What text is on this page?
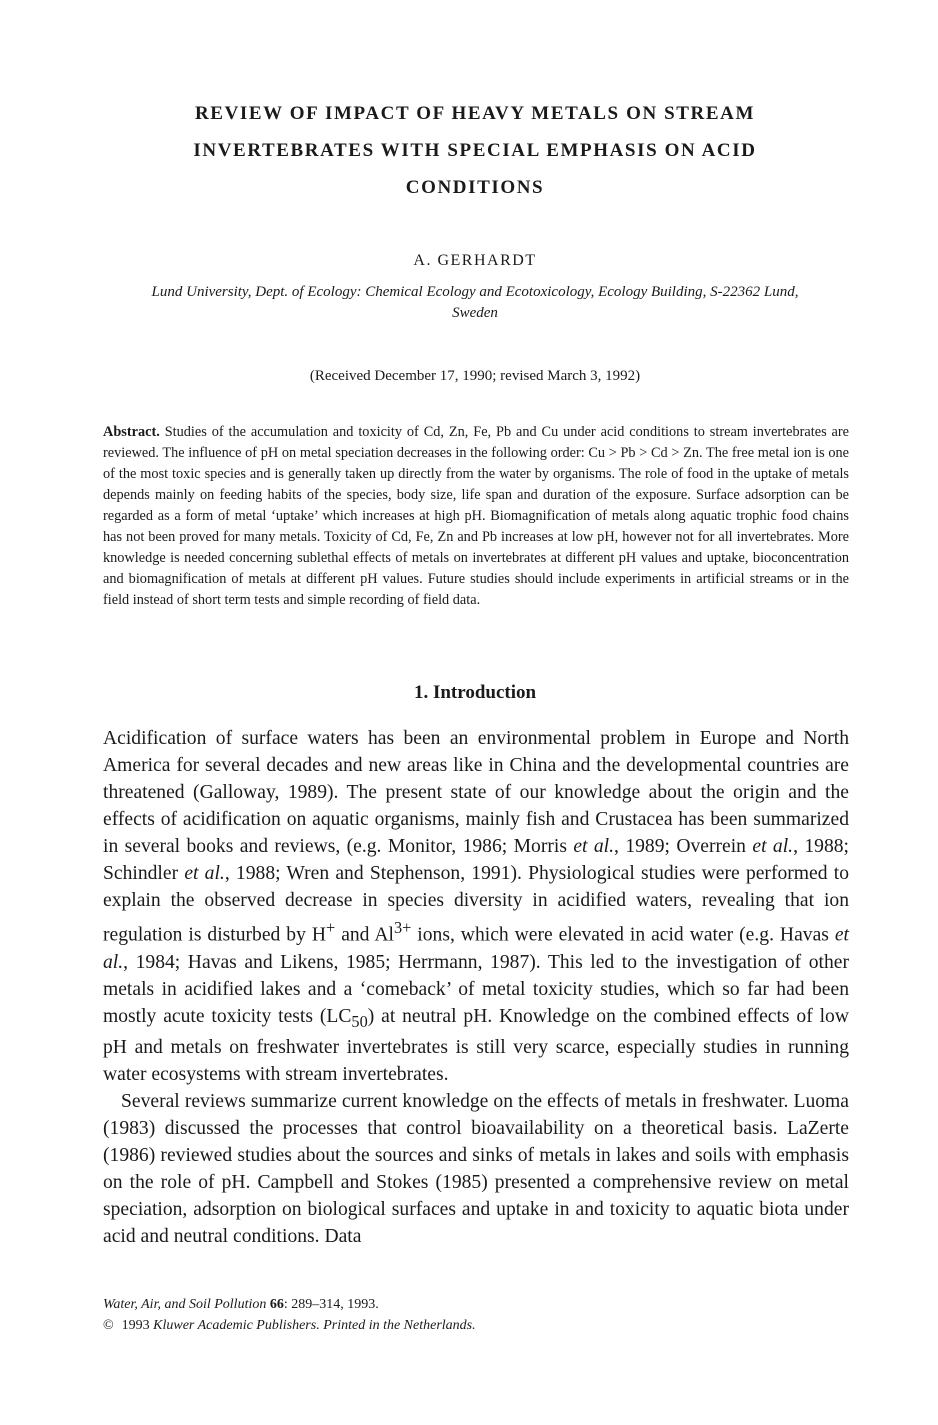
REVIEW OF IMPACT OF HEAVY METALS ON STREAM
INVERTEBRATES WITH SPECIAL EMPHASIS ON ACID
CONDITIONS
A. GERHARDT
Lund University, Dept. of Ecology: Chemical Ecology and Ecotoxicology, Ecology Building, S-22362 Lund,
Sweden
(Received December 17, 1990; revised March 3, 1992)
Abstract. Studies of the accumulation and toxicity of Cd, Zn, Fe, Pb and Cu under acid conditions to stream invertebrates are reviewed. The influence of pH on metal speciation decreases in the following order: Cu > Pb > Cd > Zn. The free metal ion is one of the most toxic species and is generally taken up directly from the water by organisms. The role of food in the uptake of metals depends mainly on feeding habits of the species, body size, life span and duration of the exposure. Surface adsorption can be regarded as a form of metal ‘uptake’ which increases at high pH. Biomagnification of metals along aquatic trophic food chains has not been proved for many metals. Toxicity of Cd, Fe, Zn and Pb increases at low pH, however not for all invertebrates. More knowledge is needed concerning sublethal effects of metals on invertebrates at different pH values and uptake, bioconcentration and biomagnification of metals at different pH values. Future studies should include experiments in artificial streams or in the field instead of short term tests and simple recording of field data.
1. Introduction

Acidification of surface waters has been an environmental problem in Europe and North America for several decades and new areas like in China and the developmental countries are threatened (Galloway, 1989). The present state of our knowledge about the origin and the effects of acidification on aquatic organisms, mainly fish and Crustacea has been summarized in several books and reviews, (e.g. Monitor, 1986; Morris et al., 1989; Overrein et al., 1988; Schindler et al., 1988; Wren and Stephenson, 1991). Physiological studies were performed to explain the observed decrease in species diversity in acidified waters, revealing that ion regulation is disturbed by H+ and $Al^{3+}$ ions, which were elevated in acid water (e.g. Havas et al., 1984; Havas and Likens, 1985; Herrmann, 1987). This led to the investigation of other metals in acidified lakes and a ‘comeback’ of metal toxicity studies, which so far had been mostly acute toxicity tests $(LC_{50})$ at neutral pH. Knowledge on the combined effects of low pH and metals on freshwater invertebrates is still very scarce, especially studies in running water ecosystems with stream invertebrates.

Several reviews summarize current knowledge on the effects of metals in freshwater. Luoma (1983) discussed the processes that control bioavailability on a theoretical basis. LaZerte (1986) reviewed studies about the sources and sinks of metals in lakes and soils with emphasis on the role of pH. Campbell and Stokes (1985) presented a comprehensive review on metal speciation, adsorption on biological surfaces and uptake in and toxicity to aquatic biota under acid and neutral conditions. Data

Water, Air, and Soil Pollution 66: 289–314, 1993.
© 1993 Kluwer Academic Publishers. Printed in the Netherlands.
